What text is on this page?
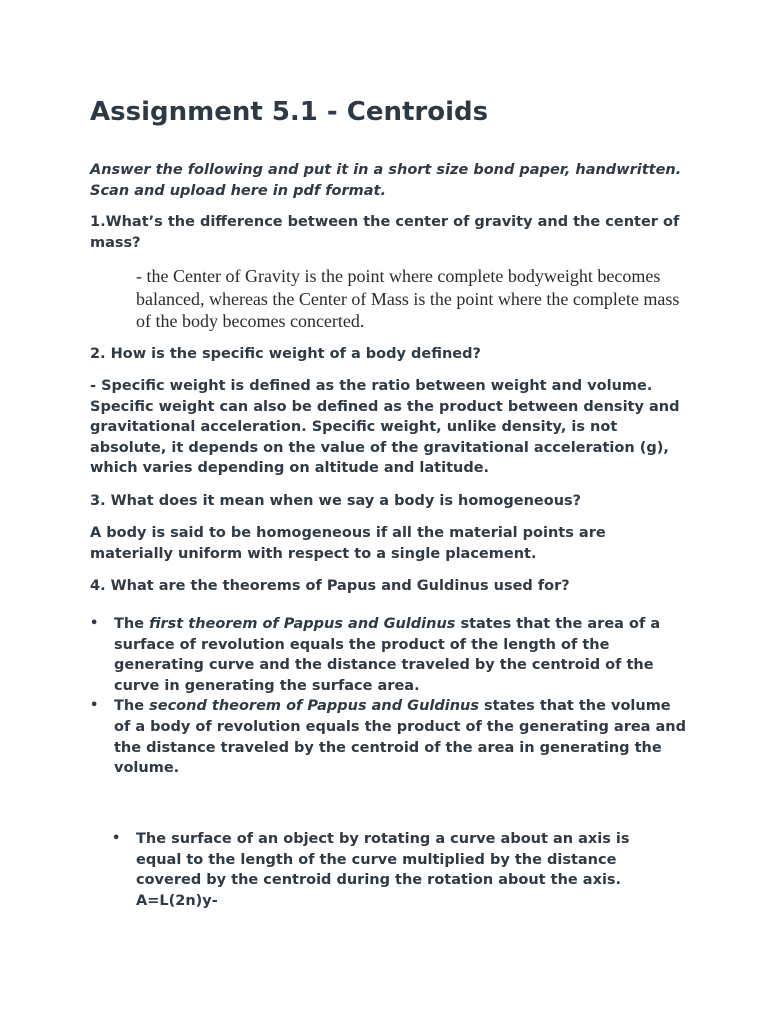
Assignment 5.1 - Centroids

Answer the following and put it in a short size bond paper, handwritten. Scan and upload here in pdf format.

1.What’s the difference between the center of gravity and the center of mass?

- the Center of Gravity is the point where complete bodyweight becomes balanced, whereas the Center of Mass is the point where the complete mass of the body becomes concerted.

2. How is the specific weight of a body defined?

- Specific weight is defined as the ratio between weight and volume. Specific weight can also be defined as the product between density and gravitational acceleration. Specific weight, unlike density, is not absolute, it depends on the value of the gravitational acceleration (g), which varies depending on altitude and latitude.

3. What does it mean when we say a body is homogeneous?

A body is said to be homogeneous if all the material points are materially uniform with respect to a single placement.

4. What are the theorems of Papus and Guldinus used for?

•	The first theorem of Pappus and Guldinus states that the area of a surface of revolution equals the product of the length of the generating curve and the distance traveled by the centroid of the curve in generating the surface area.
•	The second theorem of Pappus and Guldinus states that the volume of a body of revolution equals the product of the generating area and the distance traveled by the centroid of the area in generating the volume.
•	The surface of an object by rotating a curve about an axis is equal to the length of the curve multiplied by the distance covered by the centroid during the rotation about the axis.
A=L(2n)y-
